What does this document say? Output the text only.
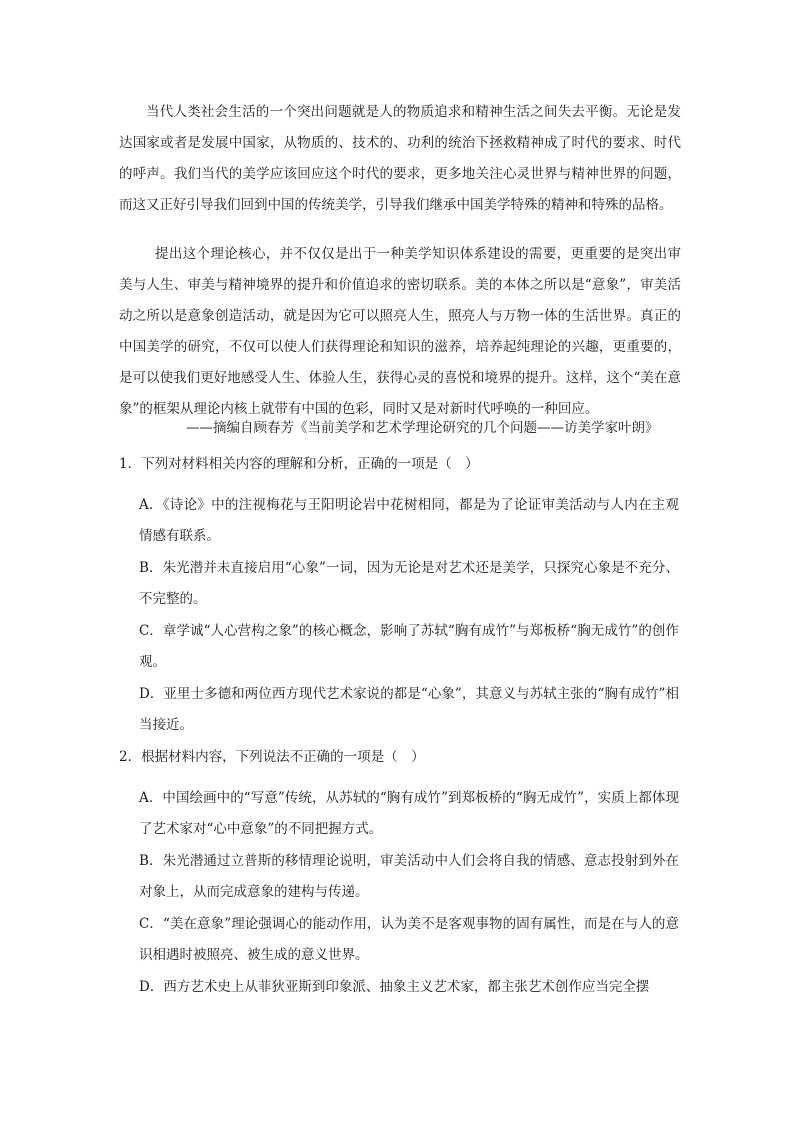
当代人类社会生活的一个突出问题就是人的物质追求和精神生活之间失去平衡。无论是发达国家或者是发展中国家，从物质的、技术的、功利的统治下拯救精神成了时代的要求、时代的呼声。我们当代的美学应该回应这个时代的要求，更多地关注心灵世界与精神世界的问题，而这又正好引导我们回到中国的传统美学，引导我们继承中国美学特殊的精神和特殊的品格。

提出这个理论核心，并不仅仅是出于一种美学知识体系建设的需要，更重要的是突出审美与人生、审美与精神境界的提升和价值追求的密切联系。美的本体之所以是“意象”，审美活动之所以是意象创造活动，就是因为它可以照亮人生，照亮人与万物一体的生活世界。真正的中国美学的研究，不仅可以使人们获得理论和知识的滋养，培养起纯理论的兴趣，更重要的，是可以使我们更好地感受人生、体验人生，获得心灵的喜悦和境界的提升。这样，这个“美在意象”的框架从理论内核上就带有中国的色彩，同时又是对新时代呼唤的一种回应。

——摘编自顾春芳《当前美学和艺术学理论研究的几个问题——访美学家叶朗》

1．下列对材料相关内容的理解和分析，正确的一项是（　）

A．《诗论》中的注视梅花与王阳明论岩中花树相同，都是为了论证审美活动与人内在主观情感有联系。

B．朱光潜并未直接启用“心象”一词，因为无论是对艺术还是美学，只探究心象是不充分、不完整的。

C．章学诚“人心营构之象”的核心概念，影响了苏轼“胸有成竹”与郑板桥“胸无成竹”的创作观。

D．亚里士多德和两位西方现代艺术家说的都是“心象”，其意义与苏轼主张的“胸有成竹”相当接近。

2．根据材料内容，下列说法不正确的一项是（　）

A．中国绘画中的“写意”传统，从苏轼的“胸有成竹”到郑板桥的“胸无成竹”，实质上都体现了艺术家对“心中意象”的不同把握方式。

B．朱光潜通过立普斯的移情理论说明，审美活动中人们会将自我的情感、意志投射到外在对象上，从而完成意象的建构与传递。

C．“美在意象”理论强调心的能动作用，认为美不是客观事物的固有属性，而是在与人的意识相遇时被照亮、被生成的意义世界。

D．西方艺术史上从菲狄亚斯到印象派、抽象主义艺术家，都主张艺术创作应当完全摆
